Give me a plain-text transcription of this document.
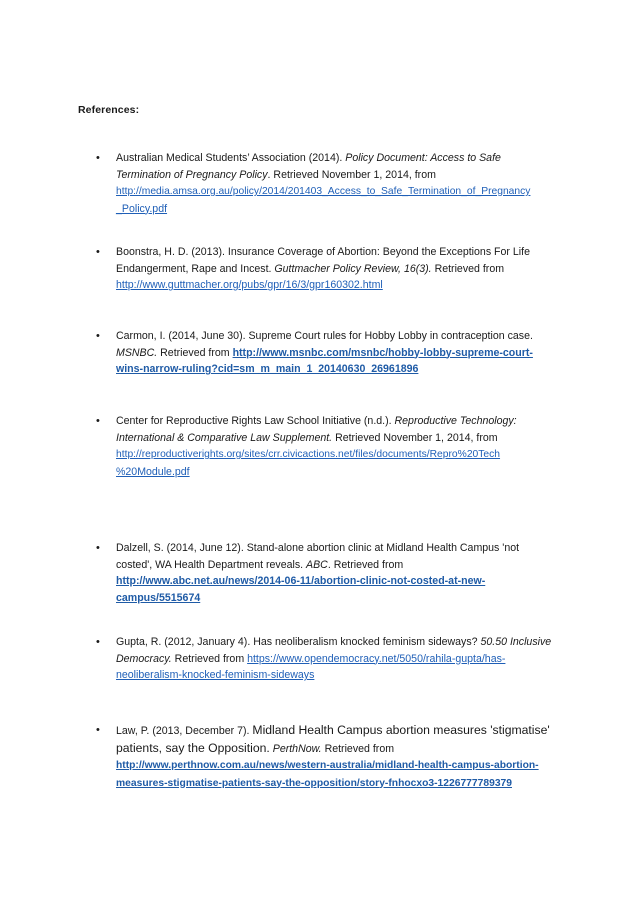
References:
• Australian Medical Students’ Association (2014). Policy Document: Access to Safe
Termination of Pregnancy Policy. Retrieved November 1, 2014, from
http://media.amsa.org.au/policy/2014/201403_Access_to_Safe_Termination_of_Pregnancy
_Policy.pdf
• Boonstra, H. D. (2013). Insurance Coverage of Abortion: Beyond the Exceptions For Life
Endangerment, Rape and Incest. Guttmacher Policy Review, 16(3). Retrieved from
http://www.guttmacher.org/pubs/gpr/16/3/gpr160302.html
• Carmon, I. (2014, June 30). Supreme Court rules for Hobby Lobby in contraception case.
MSNBC. Retrieved from http://www.msnbc.com/msnbc/hobby-lobby-supreme-court-
wins-narrow-ruling?cid=sm_m_main_1_20140630_26961896
• Center for Reproductive Rights Law School Initiative (n.d.). Reproductive Technology:
International & Comparative Law Supplement. Retrieved November 1, 2014, from
http://reproductiverights.org/sites/crr.civicactions.net/files/documents/Repro%20Tech
%20Module.pdf
• Dalzell, S. (2014, June 12). Stand-alone abortion clinic at Midland Health Campus 'not
costed', WA Health Department reveals. ABC. Retrieved from
http://www.abc.net.au/news/2014-06-11/abortion-clinic-not-costed-at-new-
campus/5515674
• Gupta, R. (2012, January 4). Has neoliberalism knocked feminism sideways? 50.50 Inclusive
Democracy. Retrieved from https://www.opendemocracy.net/5050/rahila-gupta/has-
neoliberalism-knocked-feminism-sideways
• Law, P. (2013, December 7). Midland Health Campus abortion measures 'stigmatise'
patients, say the Opposition. PerthNow. Retrieved from
http://www.perthnow.com.au/news/western-australia/midland-health-campus-abortion-
measures-stigmatise-patients-say-the-opposition/story-fnhocxo3-1226777789379
